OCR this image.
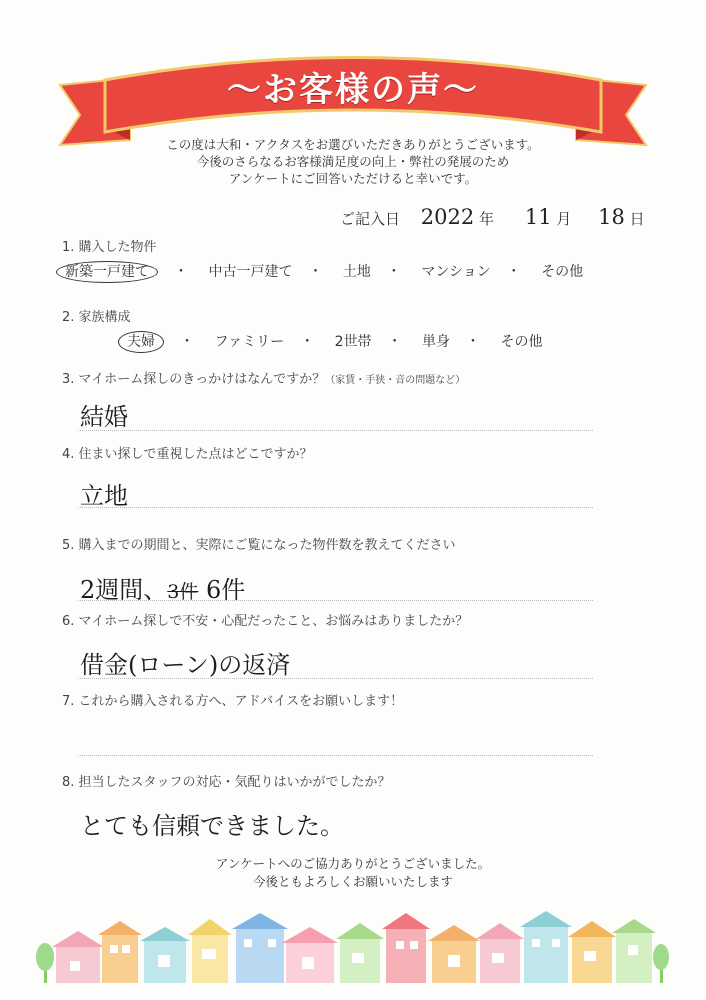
〜お客様の声〜
この度は大和・アクタスをお選びいただきありがとうございます。
今後のさらなるお客様満足度の向上・弊社の発展のため
アンケートにご回答いただけると幸いです。
ご記入日 2022 年 11 月 18 日
1. 購入した物件
新築一戸建て ・ 中古一戸建て ・ 土地 ・ マンション ・ その他
2. 家族構成
夫婦 ・ ファミリー ・ 2世帯 ・ 単身 ・ その他
3. マイホーム探しのきっかけはなんですか？（家賃・手狭・音の問題など）
結婚
4. 住まい探しで重視した点はどこですか？
立地
5. 購入までの期間と、実際にご覧になった物件数を教えてください
2週間、3件 6件
6. マイホーム探しで不安・心配だったこと、お悩みはありましたか？
借金(ローン)の返済
7. これから購入される方へ、アドバイスをお願いします！
8. 担当したスタッフの対応・気配りはいかがでしたか？
とても信頼できました。
アンケートへのご協力ありがとうございました。
今後ともよろしくお願いいたします
